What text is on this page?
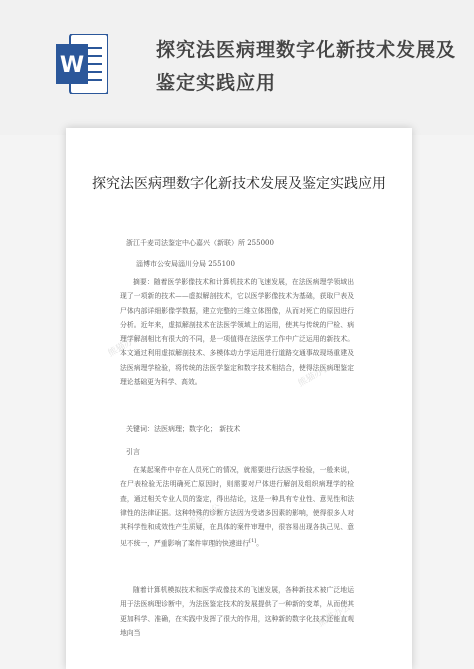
W
探究法医病理数字化新技术发展及鉴定实践应用
探究法医病理数字化新技术发展及鉴定实践应用
浙江千麦司法鉴定中心嘉兴（新联）所 255000
淄博市公安局淄川分局 255100
摘要：随着医学影像技术和计算机技术的飞速发展，在法医病理学领域出现了一项新的技术——虚拟解剖技术，它以医学影像技术为基础，获取尸表及尸体内部详细影像学数据，建立完整的三维立体图像，从而对死亡的原因进行分析。近年来，虚拟解剖技术在法医学领域上的运用，使其与传统的尸检、病理学解剖相比有很大的不同，是一项值得在法医学工作中广泛运用的新技术。本文通过利用虚拟解剖技术、多模体动力学运用进行道路交通事故现场重建及法医病理学检验，将传统的法医学鉴定和数字技术相结合，使得法医病理鉴定理论基础更为科学、高效。
关键词：法医病理；数字化； 新技术
引言
在某起案件中存在人员死亡的情况，就需要进行法医学检验，一般来说，在尸表检验无法明确死亡原因时，则需要对尸体进行解剖及组织病理学的检查，通过相关专业人员的鉴定，得出结论，这是一种具有专业性、意见性和法律性的法律证据。这种特殊的诊断方法因为受诸多因素的影响，使得很多人对其科学性和成效性产生质疑，在具体的案件审理中，很容易出现各执己见、意见不统一，严重影响了案件审理的快速进行[1]。
随着计算机模拟技术和医学成像技术的飞速发展，各种新技术被广泛地运用于法医病理诊断中，为法医鉴定技术的发展提供了一种新的变革，从而使其更加科学、准确，在实践中发挥了很大的作用，这种新的数字化技术还能直观地向当
熊猫办公
熊猫办公
熊猫办公
熊猫办公
